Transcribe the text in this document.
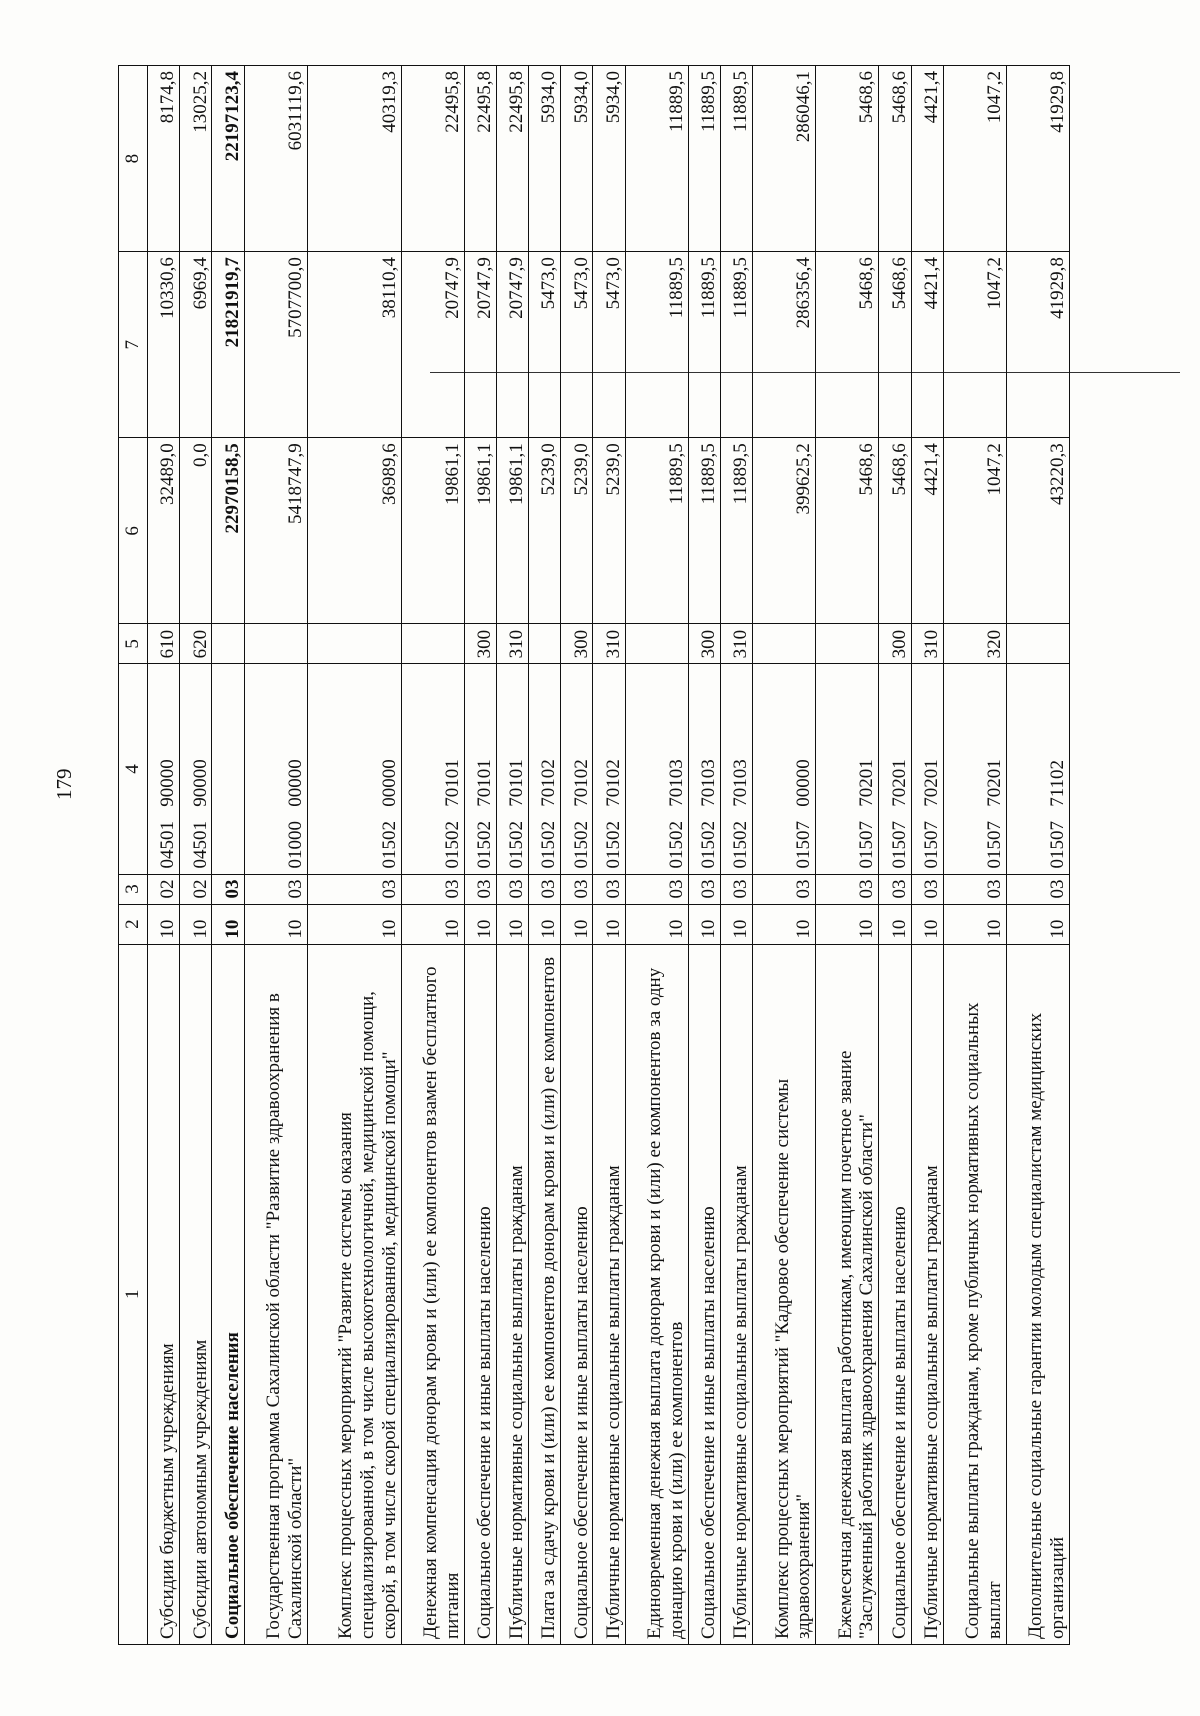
179
1	2	3	4	5	6	7	8
Субсидии бюджетным учреждениям	10	02	04501   90000	610	32489,0	10330,6	8174,8
Субсидии автономным учреждениям	10	02	04501   90000	620	0,0	6969,4	13025,2
Социальное обеспечение населения	10	03			22970158,5	21821919,7	22197123,4
Государственная программа Сахалинской области "Развитие здравоохранения в Сахалинской области"	10	03	01000   00000		5418747,9	5707700,0	6031119,6
Комплекс процессных мероприятий "Развитие системы оказания специализированной, в том числе высокотехнологичной, медицинской помощи, скорой, в том числе скорой специализированной, медицинской помощи"	10	03	01502   00000		36989,6	38110,4	40319,3
Денежная компенсация донорам крови и (или) ее компонентов взамен бесплатного питания	10	03	01502   70101		19861,1	20747,9	22495,8
Социальное обеспечение и иные выплаты населению	10	03	01502   70101	300	19861,1	20747,9	22495,8
Публичные нормативные социальные выплаты гражданам	10	03	01502   70101	310	19861,1	20747,9	22495,8
Плата за сдачу крови и (или) ее компонентов донорам крови и (или) ее компонентов	10	03	01502   70102		5239,0	5473,0	5934,0
Социальное обеспечение и иные выплаты населению	10	03	01502   70102	300	5239,0	5473,0	5934,0
Публичные нормативные социальные выплаты гражданам	10	03	01502   70102	310	5239,0	5473,0	5934,0
Единовременная денежная выплата донорам крови и (или) ее компонентов за одну донацию крови и (или) ее компонентов	10	03	01502   70103		11889,5	11889,5	11889,5
Социальное обеспечение и иные выплаты населению	10	03	01502   70103	300	11889,5	11889,5	11889,5
Публичные нормативные социальные выплаты гражданам	10	03	01502   70103	310	11889,5	11889,5	11889,5
Комплекс процессных мероприятий "Кадровое обеспечение системы здравоохранения"	10	03	01507   00000		399625,2	286356,4	286046,1
Ежемесячная денежная выплата работникам, имеющим почетное звание "Заслуженный работник здравоохранения Сахалинской области"	10	03	01507   70201		5468,6	5468,6	5468,6
Социальное обеспечение и иные выплаты населению	10	03	01507   70201	300	5468,6	5468,6	5468,6
Публичные нормативные социальные выплаты гражданам	10	03	01507   70201	310	4421,4	4421,4	4421,4
Социальные выплаты гражданам, кроме публичных нормативных социальных выплат	10	03	01507   70201	320	1047,2	1047,2	1047,2
Дополнительные социальные гарантии молодым специалистам медицинских организаций	10	03	01507   71102		43220,3	41929,8	41929,8
